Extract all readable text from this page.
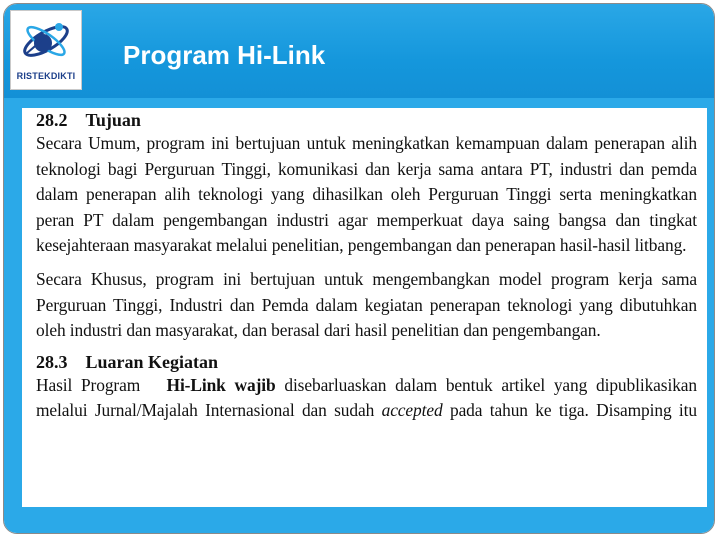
RISTEKDIKTI
Program Hi-Link
28.2 Tujuan

Secara Umum, program ini bertujuan untuk meningkatkan kemampuan dalam penerapan alih
teknologi bagi Perguruan Tinggi, komunikasi dan kerja sama antara PT, industri dan pemda
dalam penerapan alih teknologi yang dihasilkan oleh Perguruan Tinggi serta meningkatkan
peran PT dalam pengembangan industri agar memperkuat daya saing bangsa dan tingkat
kesejahteraan masyarakat melalui penelitian, pengembangan dan penerapan hasil-hasil litbang.

Secara Khusus, program ini bertujuan untuk mengembangkan model program kerja sama
Perguruan Tinggi, Industri dan Pemda dalam kegiatan penerapan teknologi yang dibutuhkan
oleh industri dan masyarakat, dan berasal dari hasil penelitian dan pengembangan.

28.3 Luaran Kegiatan

Hasil Program Hi-Link wajib disebarluaskan dalam bentuk artikel yang dipublikasikan
melalui Jurnal/Majalah Internasional dan sudah accepted pada tahun ke tiga. Disamping itu
